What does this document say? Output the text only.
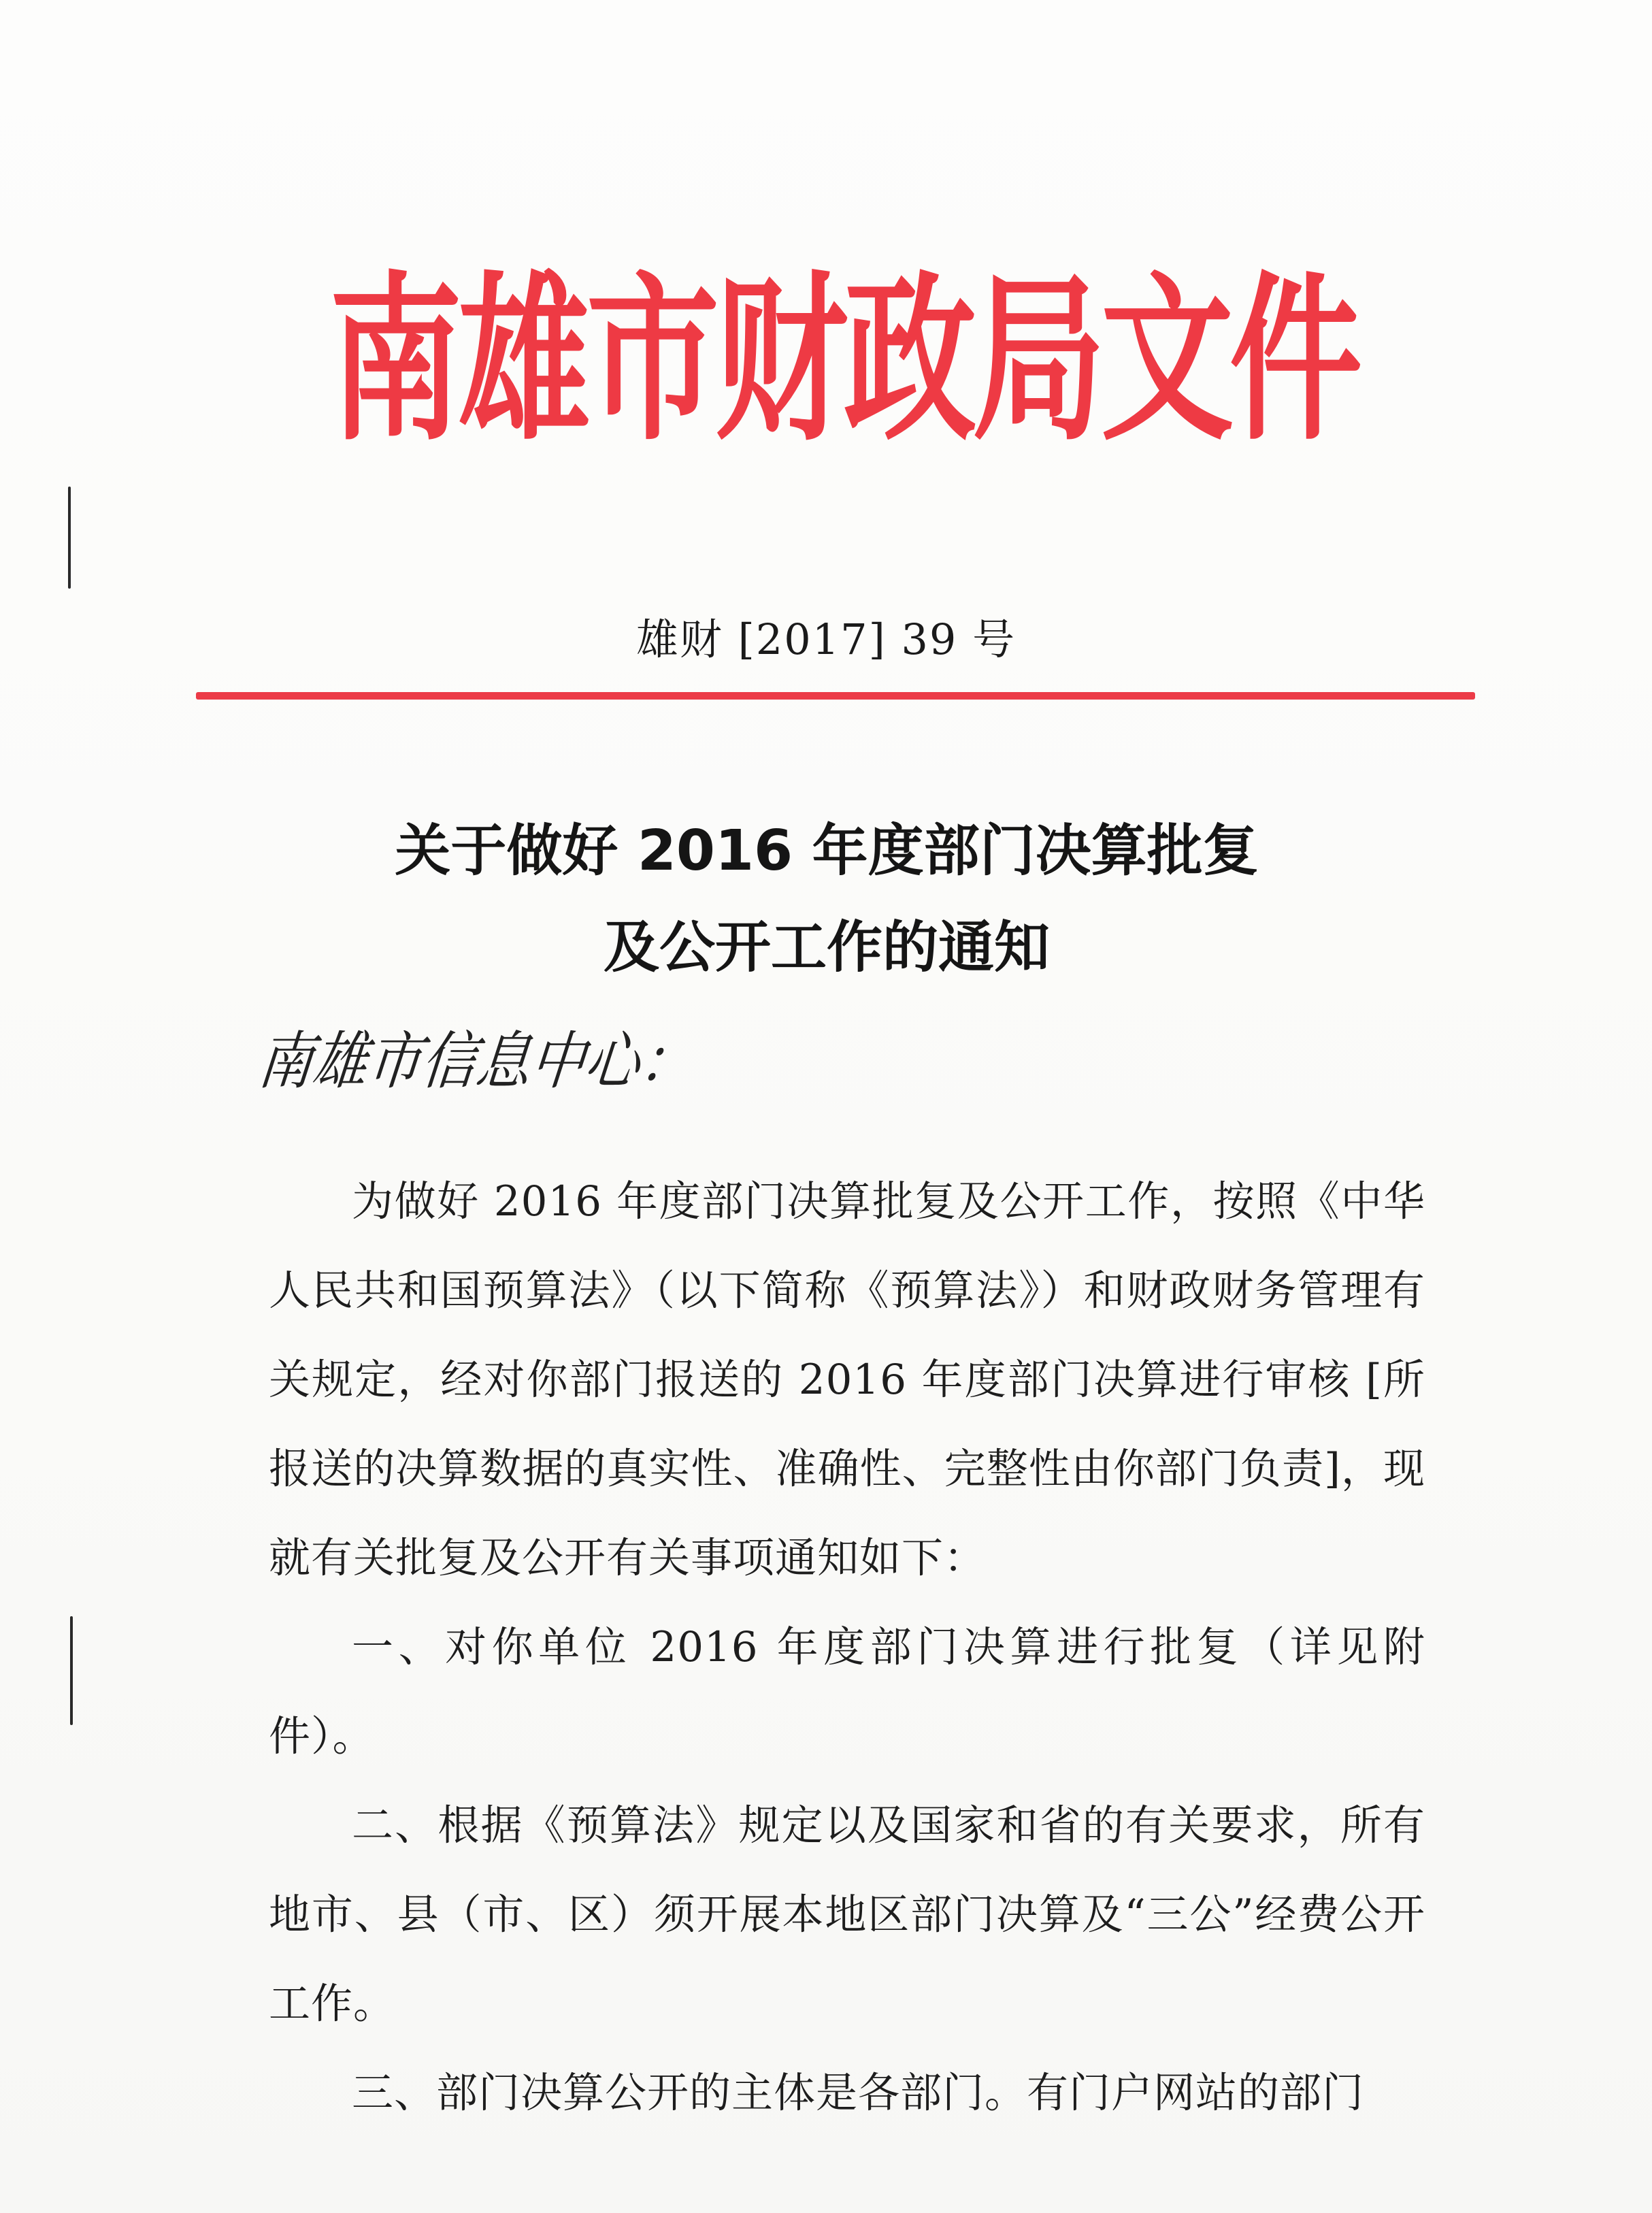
南雄市财政局文件
雄财 [2017] 39 号
关于做好 2016 年度部门决算批复
及公开工作的通知
南雄市信息中心：

为做好 2016 年度部门决算批复及公开工作，按照《中华人民共和国预算法》（以下简称《预算法》）和财政财务管理有关规定，经对你部门报送的 2016 年度部门决算进行审核 [所报送的决算数据的真实性、准确性、完整性由你部门负责]，现就有关批复及公开有关事项通知如下：

一、对你单位 2016 年度部门决算进行批复（详见附件）。

二、根据《预算法》规定以及国家和省的有关要求，所有地市、县（市、区）须开展本地区部门决算及“三公”经费公开工作。

三、部门决算公开的主体是各部门。有门户网站的部门
